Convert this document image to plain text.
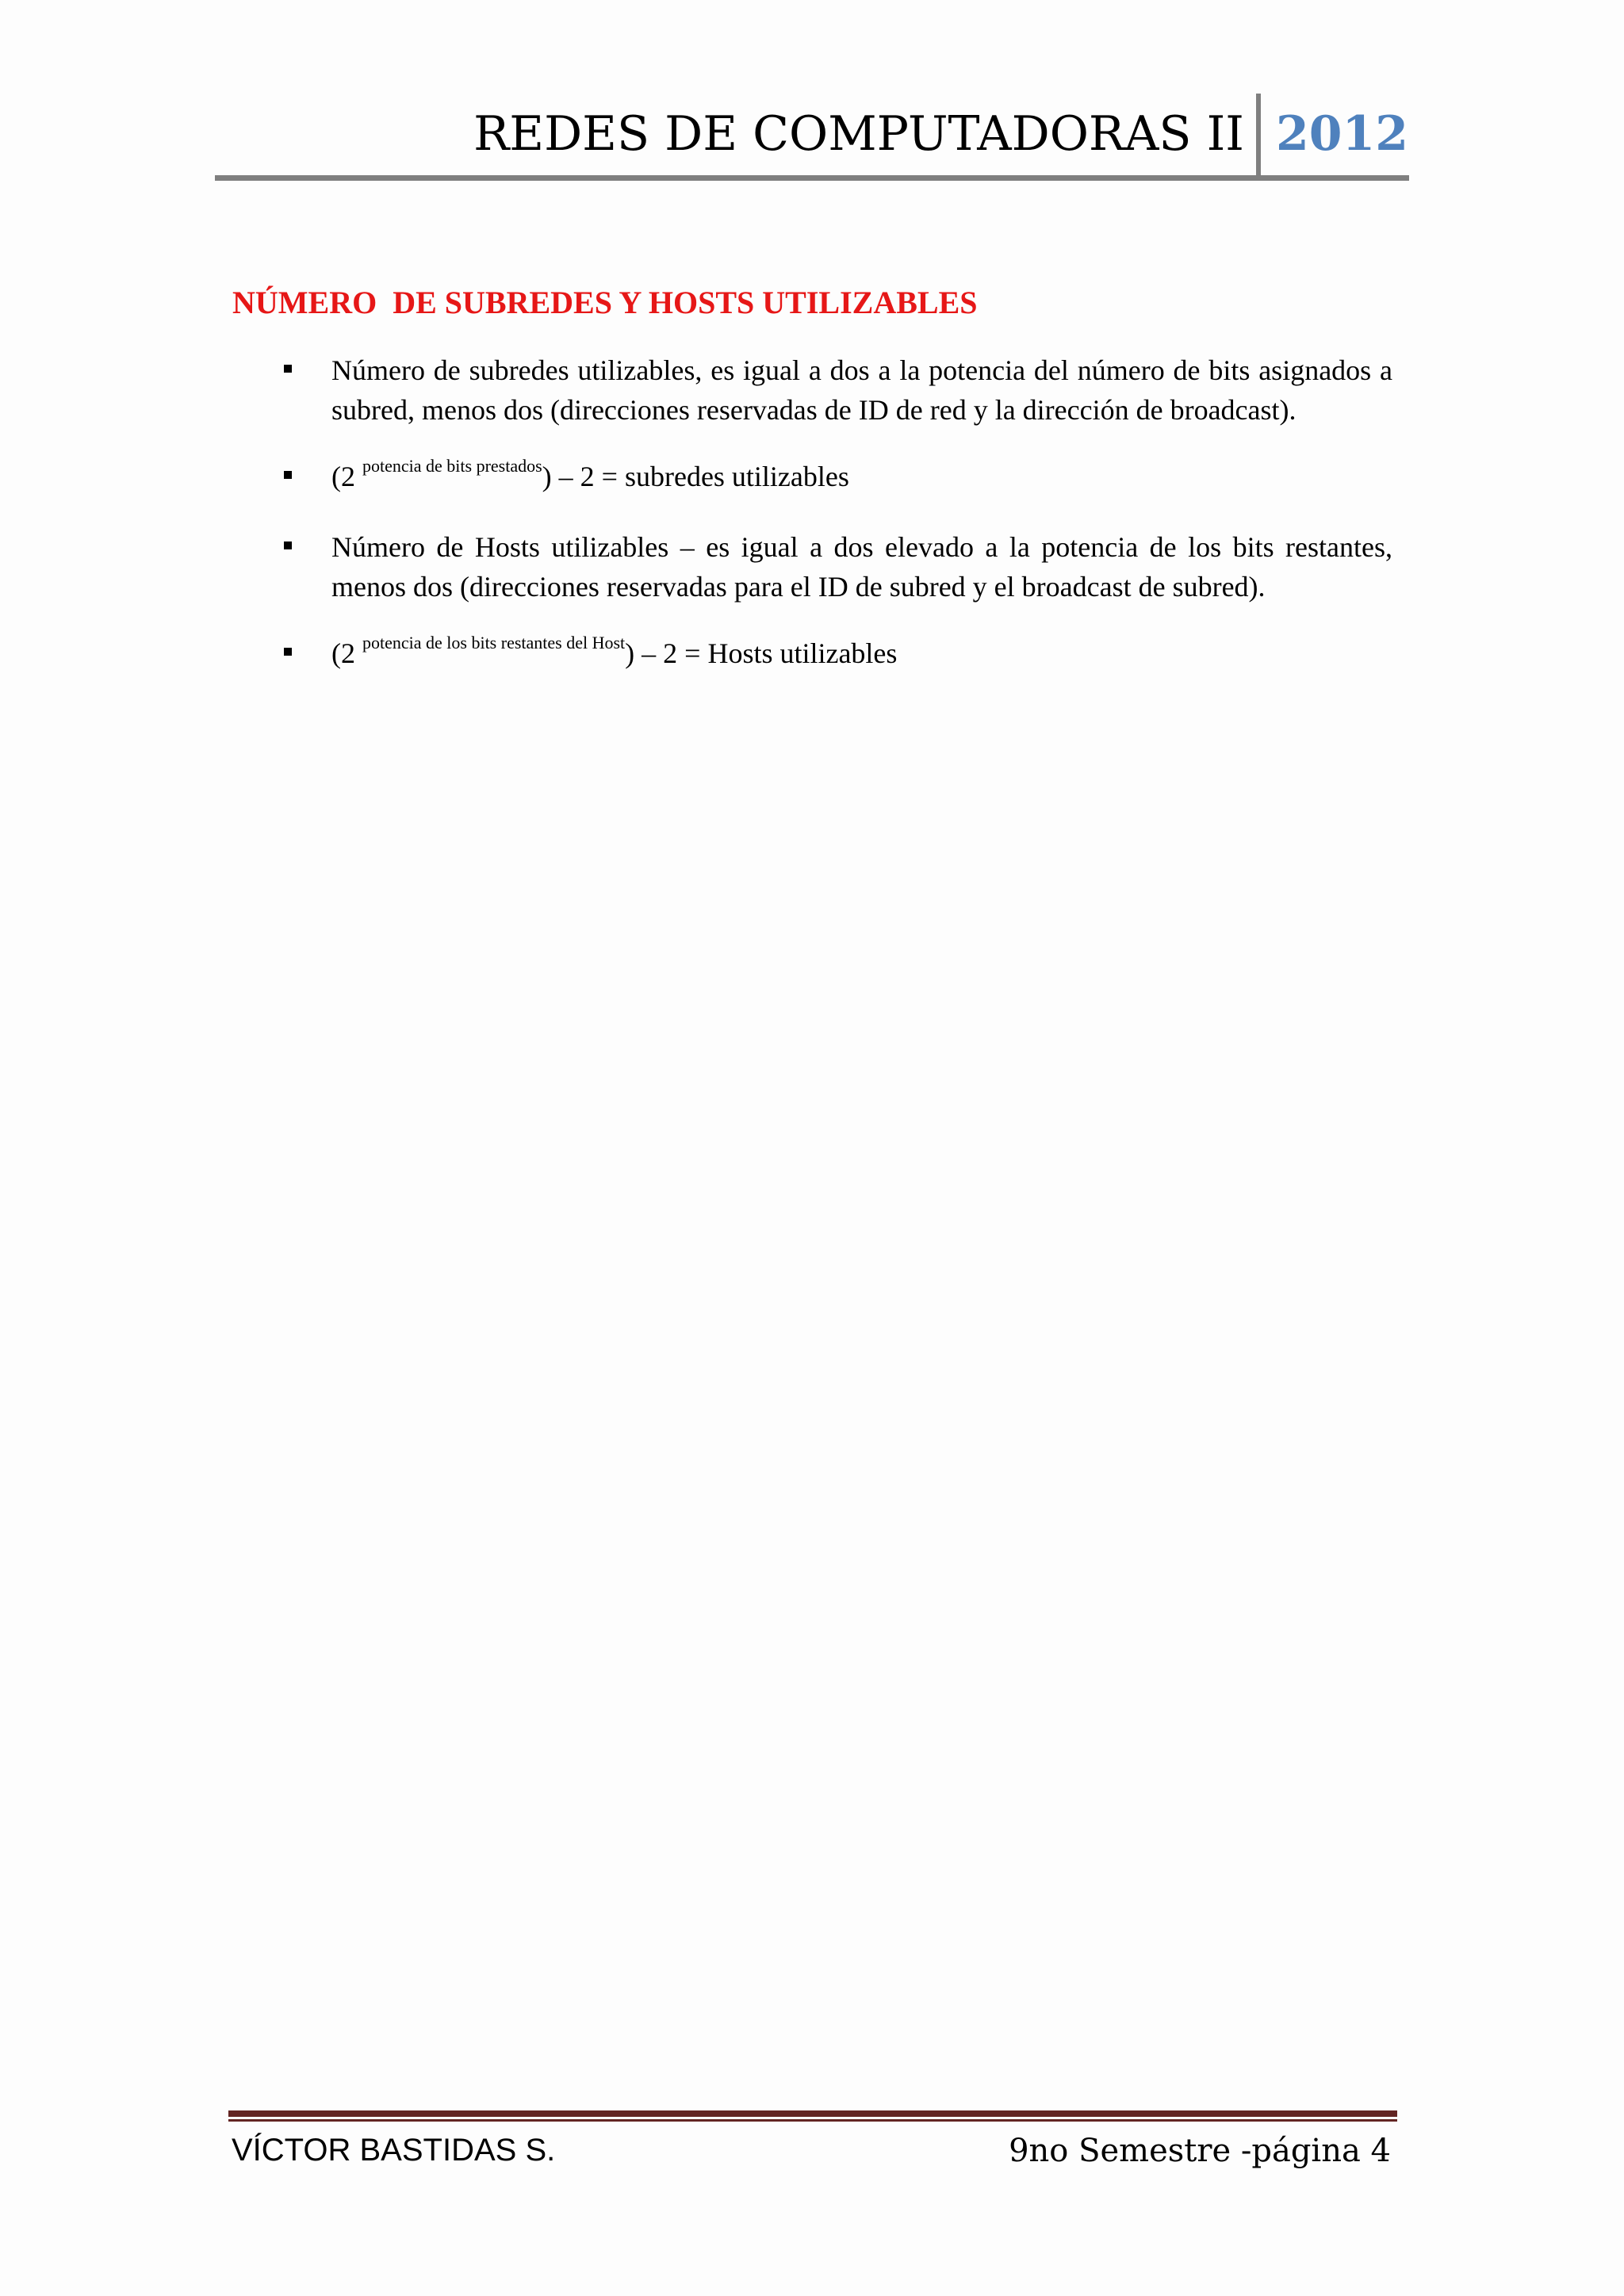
REDES DE COMPUTADORAS II 2012
NÚMERO  DE SUBREDES Y HOSTS UTILIZABLES
Número de subredes utilizables, es igual a dos a la potencia del número de bits asignados a subred, menos dos (direcciones reservadas de ID de red y la dirección de broadcast).
(2 $^{potencia de bits prestados}$) – 2 = subredes utilizables
Número de Hosts utilizables – es igual a dos elevado a la potencia de los bits restantes, menos dos (direcciones reservadas para el ID de subred y el broadcast de subred).
(2 $^{potencia de los bits restantes del Host}$) – 2 = Hosts utilizables
VÍCTOR BASTIDAS S.	9no Semestre -página 4
